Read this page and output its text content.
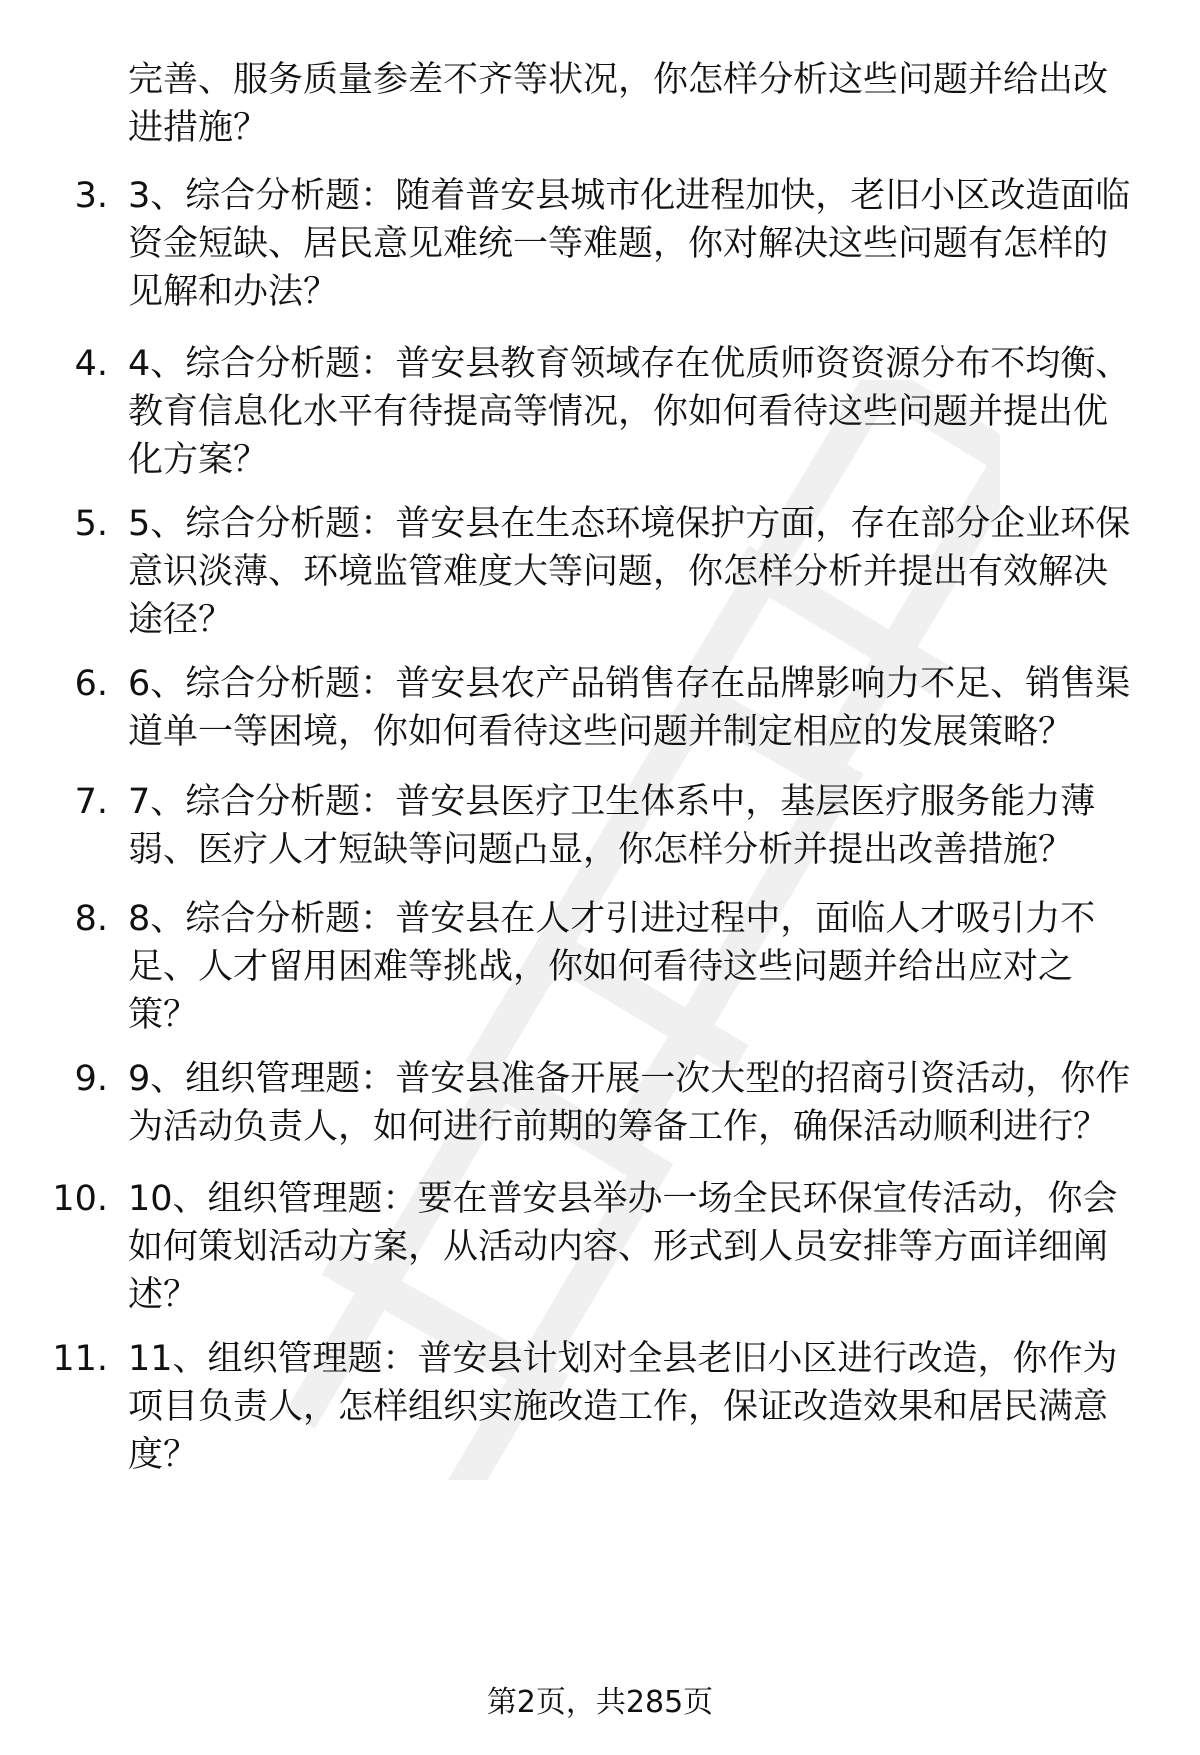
完善、服务质量参差不齐等状况，你怎样分析这些问题并给出改
进措施？
3. 3、综合分析题：随着普安县城市化进程加快，老旧小区改造面临
资金短缺、居民意见难统一等难题，你对解决这些问题有怎样的
见解和办法？
4. 4、综合分析题：普安县教育领域存在优质师资资源分布不均衡、
教育信息化水平有待提高等情况，你如何看待这些问题并提出优
化方案？
5. 5、综合分析题：普安县在生态环境保护方面，存在部分企业环保
意识淡薄、环境监管难度大等问题，你怎样分析并提出有效解决
途径？
6. 6、综合分析题：普安县农产品销售存在品牌影响力不足、销售渠
道单一等困境，你如何看待这些问题并制定相应的发展策略？
7. 7、综合分析题：普安县医疗卫生体系中，基层医疗服务能力薄
弱、医疗人才短缺等问题凸显，你怎样分析并提出改善措施？
8. 8、综合分析题：普安县在人才引进过程中，面临人才吸引力不
足、人才留用困难等挑战，你如何看待这些问题并给出应对之
策？
9. 9、组织管理题：普安县准备开展一次大型的招商引资活动，你作
为活动负责人，如何进行前期的筹备工作，确保活动顺利进行？
10. 10、组织管理题：要在普安县举办一场全民环保宣传活动，你会
如何策划活动方案，从活动内容、形式到人员安排等方面详细阐
述？
11. 11、组织管理题：普安县计划对全县老旧小区进行改造，你作为
项目负责人，怎样组织实施改造工作，保证改造效果和居民满意
度？
第2页，共285页
